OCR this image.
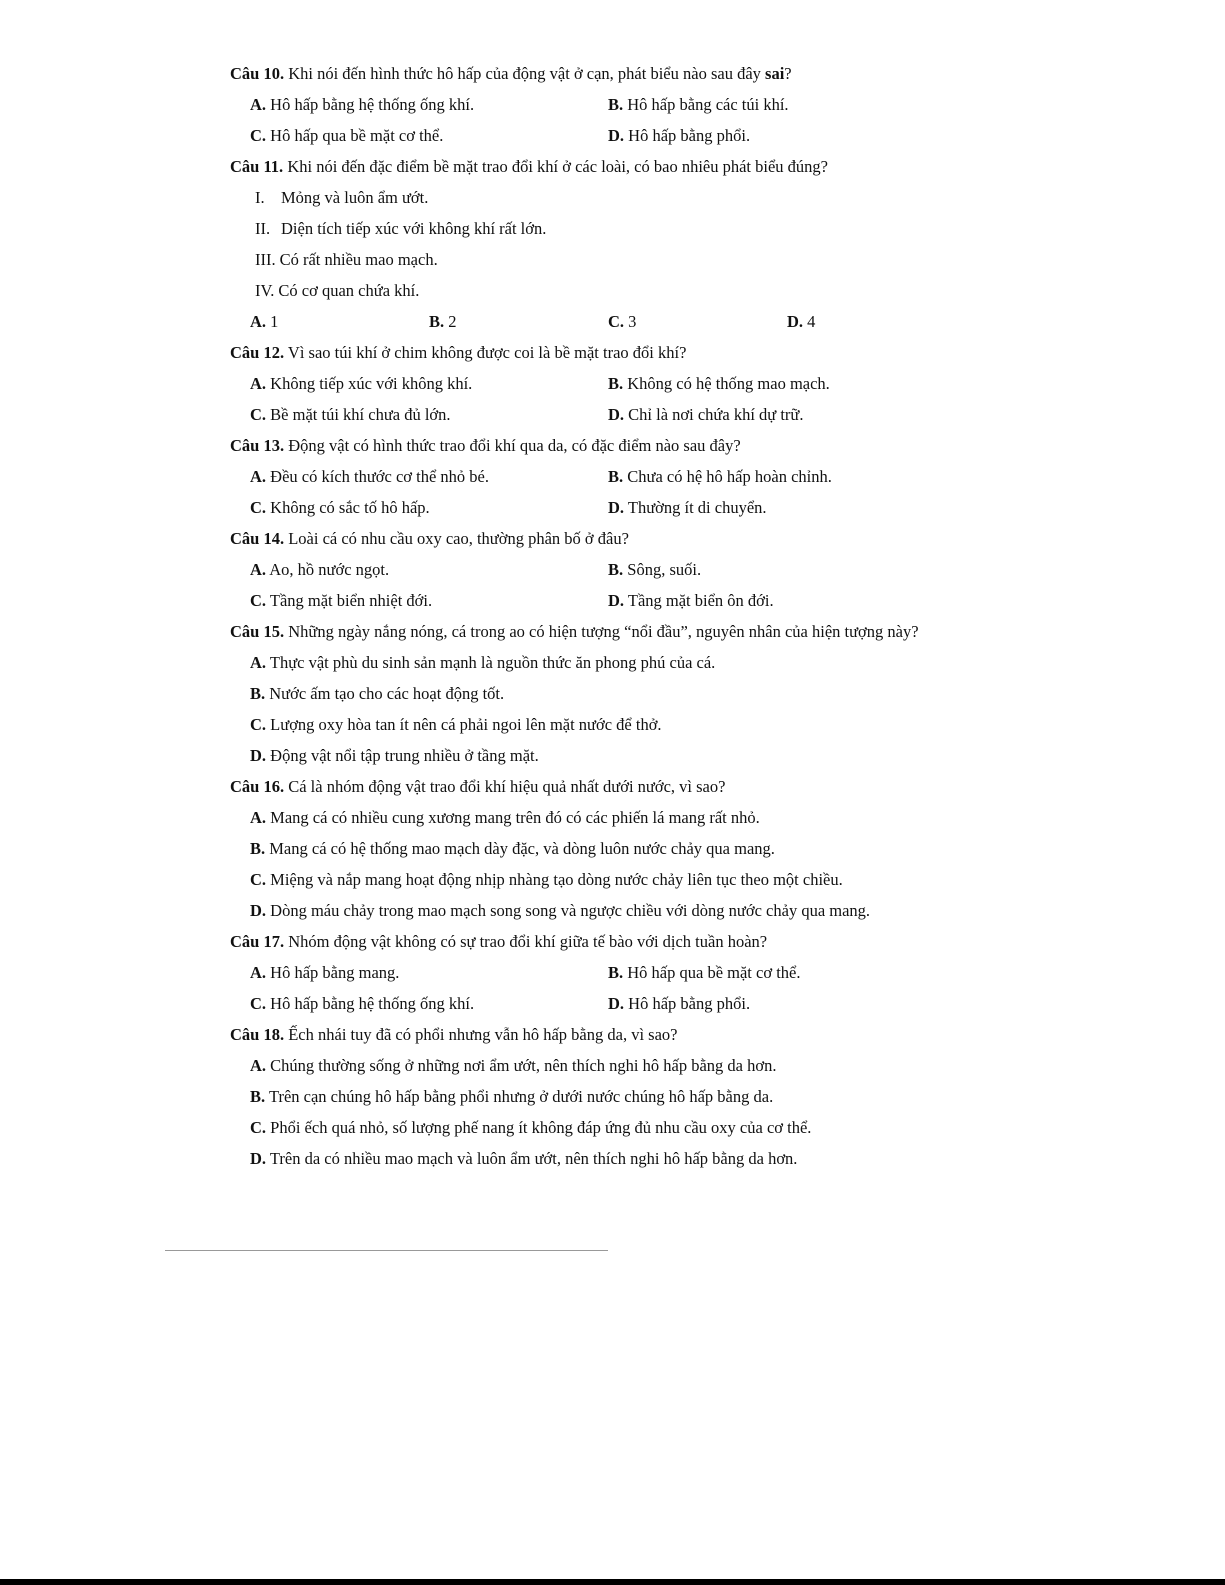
Câu 10. Khi nói đến hình thức hô hấp của động vật ở cạn, phát biểu nào sau đây sai?
A. Hô hấp bằng hệ thống ống khí.	B. Hô hấp bằng các túi khí.
C. Hô hấp qua bề mặt cơ thể.	D. Hô hấp bằng phổi.
Câu 11. Khi nói đến đặc điểm bề mặt trao đổi khí ở các loài, có bao nhiêu phát biểu đúng?
I. Mỏng và luôn ẩm ướt.
II. Diện tích tiếp xúc với không khí rất lớn.
III. Có rất nhiều mao mạch.
IV. Có cơ quan chứa khí.
A. 1	B. 2	C. 3	D. 4
Câu 12. Vì sao túi khí ở chim không được coi là bề mặt trao đổi khí?
A. Không tiếp xúc với không khí.	B. Không có hệ thống mao mạch.
C. Bề mặt túi khí chưa đủ lớn.	D. Chỉ là nơi chứa khí dự trữ.
Câu 13. Động vật có hình thức trao đổi khí qua da, có đặc điểm nào sau đây?
A. Đều có kích thước cơ thể nhỏ bé.	B. Chưa có hệ hô hấp hoàn chỉnh.
C. Không có sắc tố hô hấp.	D. Thường ít di chuyển.
Câu 14. Loài cá có nhu cầu oxy cao, thường phân bố ở đâu?
A. Ao, hồ nước ngọt.	B. Sông, suối.
C. Tầng mặt biển nhiệt đới.	D. Tầng mặt biển ôn đới.
Câu 15. Những ngày nắng nóng, cá trong ao có hiện tượng “nổi đầu”, nguyên nhân của hiện tượng này?
A. Thực vật phù du sinh sản mạnh là nguồn thức ăn phong phú của cá.
B. Nước ấm tạo cho các hoạt động tốt.
C. Lượng oxy hòa tan ít nên cá phải ngoi lên mặt nước để thở.
D. Động vật nổi tập trung nhiều ở tầng mặt.
Câu 16. Cá là nhóm động vật trao đổi khí hiệu quả nhất dưới nước, vì sao?
A. Mang cá có nhiều cung xương mang trên đó có các phiến lá mang rất nhỏ.
B. Mang cá có hệ thống mao mạch dày đặc, và dòng luôn nước chảy qua mang.
C. Miệng và nắp mang hoạt động nhịp nhàng tạo dòng nước chảy liên tục theo một chiều.
D. Dòng máu chảy trong mao mạch song song và ngược chiều với dòng nước chảy qua mang.
Câu 17. Nhóm động vật không có sự trao đổi khí giữa tế bào với dịch tuần hoàn?
A. Hô hấp bằng mang.	B. Hô hấp qua bề mặt cơ thể.
C. Hô hấp bằng hệ thống ống khí.	D. Hô hấp bằng phổi.
Câu 18. Ếch nhái tuy đã có phổi nhưng vẫn hô hấp bằng da, vì sao?
A. Chúng thường sống ở những nơi ẩm ướt, nên thích nghi hô hấp bằng da hơn.
B. Trên cạn chúng hô hấp bằng phổi nhưng ở dưới nước chúng hô hấp bằng da.
C. Phổi ếch quá nhỏ, số lượng phế nang ít không đáp ứng đủ nhu cầu oxy của cơ thể.
D. Trên da có nhiều mao mạch và luôn ẩm ướt, nên thích nghi hô hấp bằng da hơn.
